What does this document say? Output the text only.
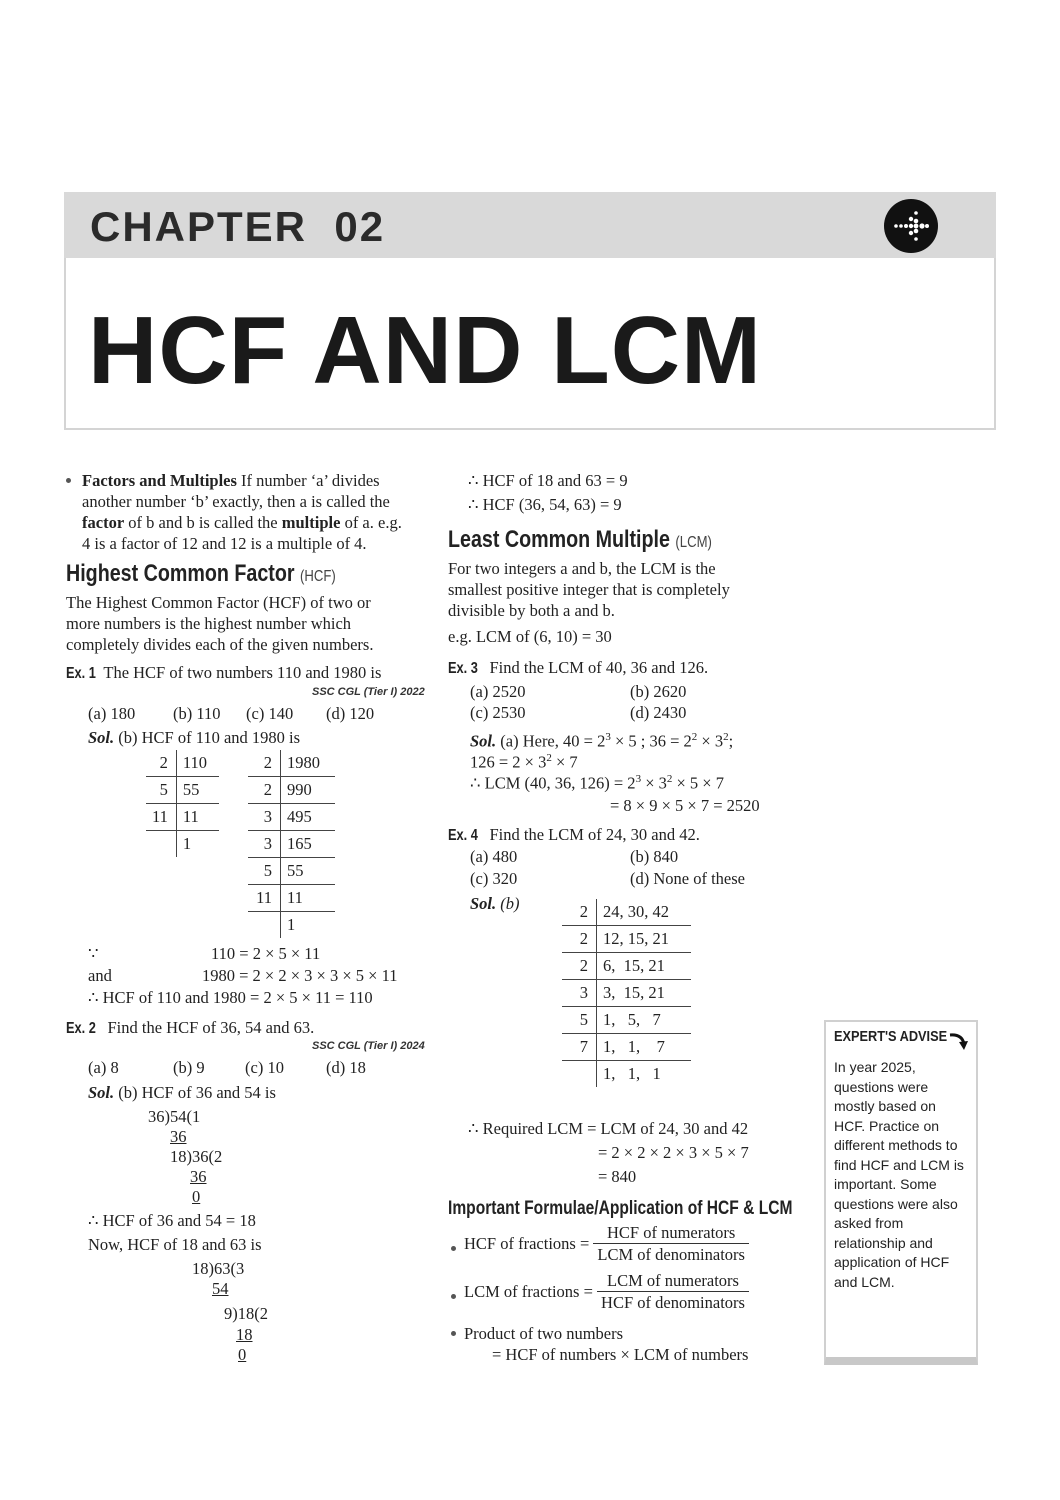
CHAPTER  02
HCF AND LCM
Factors and Multiples If number ‘a’ divides
another number ‘b’ exactly, then a is called the
factor of b and b is called the multiple of a. e.g.
4 is a factor of 12 and 12 is a multiple of 4.
Highest Common Factor (HCF)
The Highest Common Factor (HCF) of two or
more numbers is the highest number which
completely divides each of the given numbers.
Ex. 1 The HCF of two numbers 110 and 1980 is
SSC CGL (Tier I) 2022
(a) 180 (b) 110 (c) 140 (d) 120
Sol. (b) HCF of 110 and 1980 is
2	110
5	55
11	11
	1
2	1980
2	990
3	495
3	165
5	55
11	11
	1
∵	110 = 2 × 5 × 11
and	1980 = 2 × 2 × 3 × 3 × 5 × 11
∴ HCF of 110 and 1980 = 2 × 5 × 11 = 110
Ex. 2 Find the HCF of 36, 54 and 63.
SSC CGL (Tier I) 2024
(a) 8	(b) 9 (c) 10	(d) 18
Sol. (b) HCF of 36 and 54 is
36)54(1
36
18)36(2
36
0
∴ HCF of 36 and 54 = 18
Now, HCF of 18 and 63 is
18)63(3
54
9)18(2
18
0
∴ HCF of 18 and 63 = 9
∴ HCF (36, 54, 63) = 9
Least Common Multiple (LCM)
For two integers a and b, the LCM is the
smallest positive integer that is completely
divisible by both a and b.
e.g. LCM of (6, 10) = 30
Ex. 3 Find the LCM of 40, 36 and 126.
(a) 2520	(b) 2620
(c) 2530	(d) 2430
Sol. (a) Here, $40 = 2^3 \times 5$ ; $36 = 2^2 \times 3^2$;
$126 = 2 \times 3^2 \times 7$
∴ LCM (40, 36, $126) = 2^3 \times 3^2 \times 5 \times 7$
= 8 × 9 × 5 × 7 = 2520
Ex. 4 Find the LCM of 24, 30 and 42.
(a) 480	(b) 840
(c) 320	(d) None of these
Sol. (b)	2	24, 30, 42
2	12, 15, 21
2	6,  15, 21
3	3,  15, 21
5	1,   5,   7
7	1,   1,    7
	1,   1,   1
∴ Required LCM = LCM of 24, 30 and 42
= 2 × 2 × 2 × 3 × 5 × 7
= 840
Important Formulae/Application of HCF & LCM
HCF of fractions = $\frac{\text{HCF of numerators}}{\text{LCM of denominators}}$
LCM of fractions = $\frac{\text{LCM of numerators}}{\text{HCF of denominators}}$
Product of two numbers
= HCF of numbers × LCM of numbers
EXPERT'S ADVISE
In year 2025, questions were mostly based on HCF. Practice on different methods to find HCF and LCM is important. Some questions were also asked from relationship and application of HCF and LCM.
